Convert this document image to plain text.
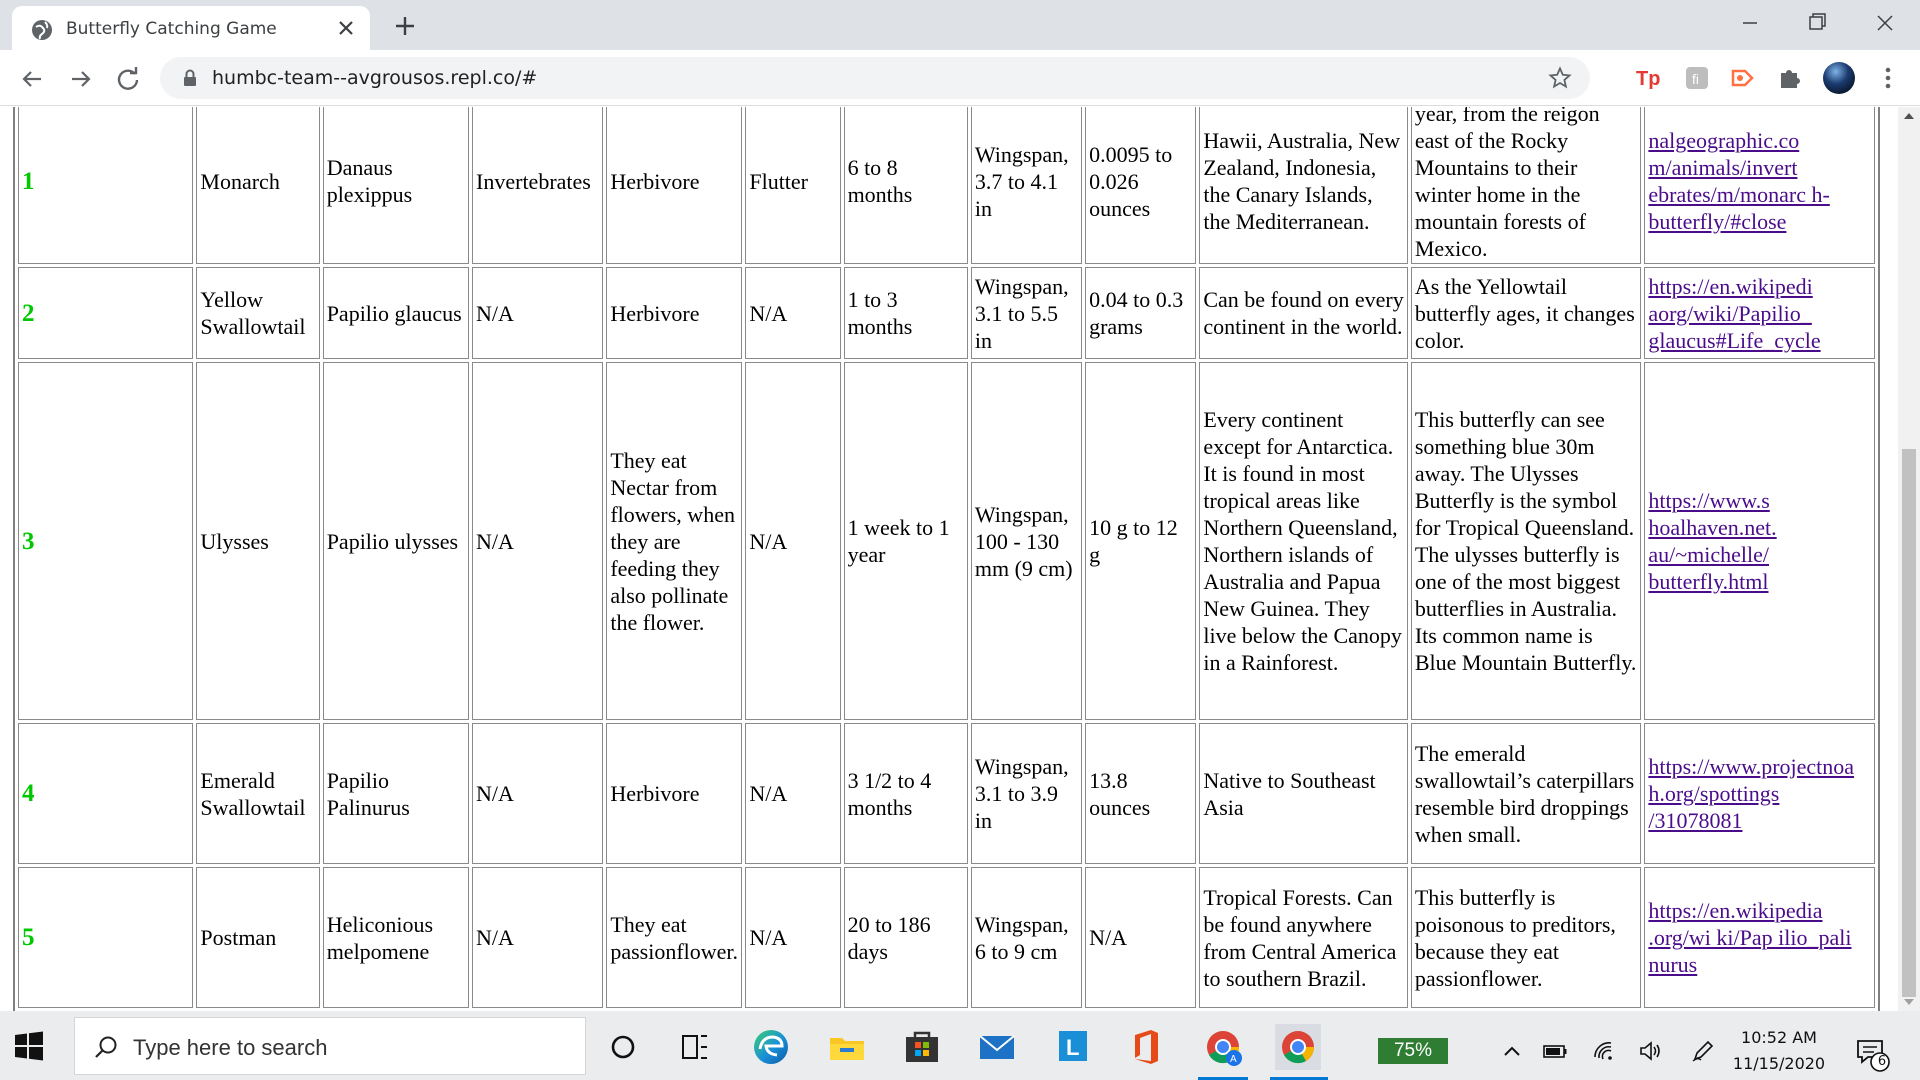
Butterfly Catching Game
humbc-team--avgrousos.repl.co/#	Tp fi
1	Monarch	Danaus plexippus	Invertebrates	Herbivore	Flutter	6 to 8 months	Wingspan, 3.7 to 4.1 in	0.0095 to 0.026 ounces	Hawii, Australia, New Zealand, Indonesia, the Canary Islands, the Mediterranean.	year, from the reigon east of the Rocky Mountains to their winter home in the mountain forests of Mexico.	nalgeographic.co m/animals/invert ebrates/m/monarc h-butterfly/#close
2	Yellow Swallowtail	Papilio glaucus	N/A	Herbivore	N/A	1 to 3 months	Wingspan, 3.1 to 5.5 in	0.04 to 0.3 grams	Can be found on every continent in the world.	As the Yellowtail butterfly ages, it changes color.	https://en.wikipedi aorg/wiki/Papilio_ glaucus#Life_cycle
3	Ulysses	Papilio ulysses	N/A	They eat Nectar from flowers, when they are feeding they also pollinate the flower.	N/A	1 week to 1 year	Wingspan, 100 - 130 mm (9 cm)	10 g to 12 g	Every continent except for Antarctica. It is found in most tropical areas like Northern Queensland, Northern islands of Australia and Papua New Guinea. They live below the Canopy in a Rainforest.	This butterfly can see something blue 30m away. The Ulysses Butterfly is the symbol for Tropical Queensland. The ulysses butterfly is one of the most biggest butterflies in Australia. Its common name is Blue Mountain Butterfly.	https://www.s hoalhaven.net. au/~michelle/ butterfly.html
4	Emerald Swallowtail	Papilio Palinurus	N/A	Herbivore	N/A	3 1/2 to 4 months	Wingspan, 3.1 to 3.9 in	13.8 ounces	Native to Southeast Asia	The emerald swallowtail’s caterpillars resemble bird droppings when small.	https://www.projectnoa h.org/spottings /31078081
5	Postman	Heliconious melpomene	N/A	They eat passionflower.	N/A	20 to 186 days	Wingspan, 6 to 9 cm	N/A	Tropical Forests. Can be found anywhere from Central America to southern Brazil.	This butterfly is poisonous to preditors, because they eat passionflower.	https://en.wikipedia .org/wi ki/Pap ilio_pali nurus
Type here to search	L	A	75%
10:52 AM
11/15/2020	6
